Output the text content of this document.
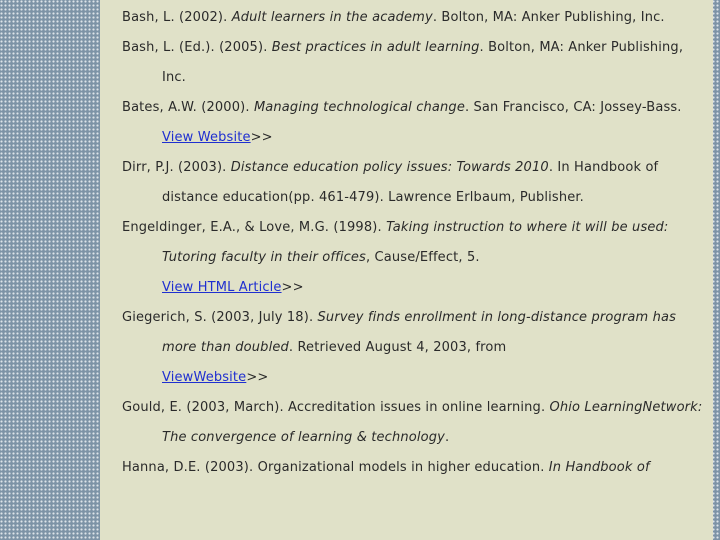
Bash, L. (2002). Adult learners in the academy. Bolton, MA: Anker Publishing, Inc.
Bash, L. (Ed.). (2005). Best practices in adult learning. Bolton, MA: Anker Publishing, Inc.
Bates, A.W. (2000). Managing technological change. San Francisco, CA: Jossey-Bass. View Website>>
Dirr, P.J. (2003). Distance education policy issues: Towards 2010. In Handbook of distance education(pp. 461-479). Lawrence Erlbaum, Publisher.
Engeldinger, E.A., & Love, M.G. (1998). Taking instruction to where it will be used: Tutoring faculty in their offices, Cause/Effect, 5.
View HTML Article>>
Giegerich, S. (2003, July 18). Survey finds enrollment in long-distance program has more than doubled. Retrieved August 4, 2003, from
ViewWebsite>>
Gould, E. (2003, March). Accreditation issues in online learning. Ohio LearningNetwork: The convergence of learning & technology.
Hanna, D.E. (2003). Organizational models in higher education. In Handbook of
